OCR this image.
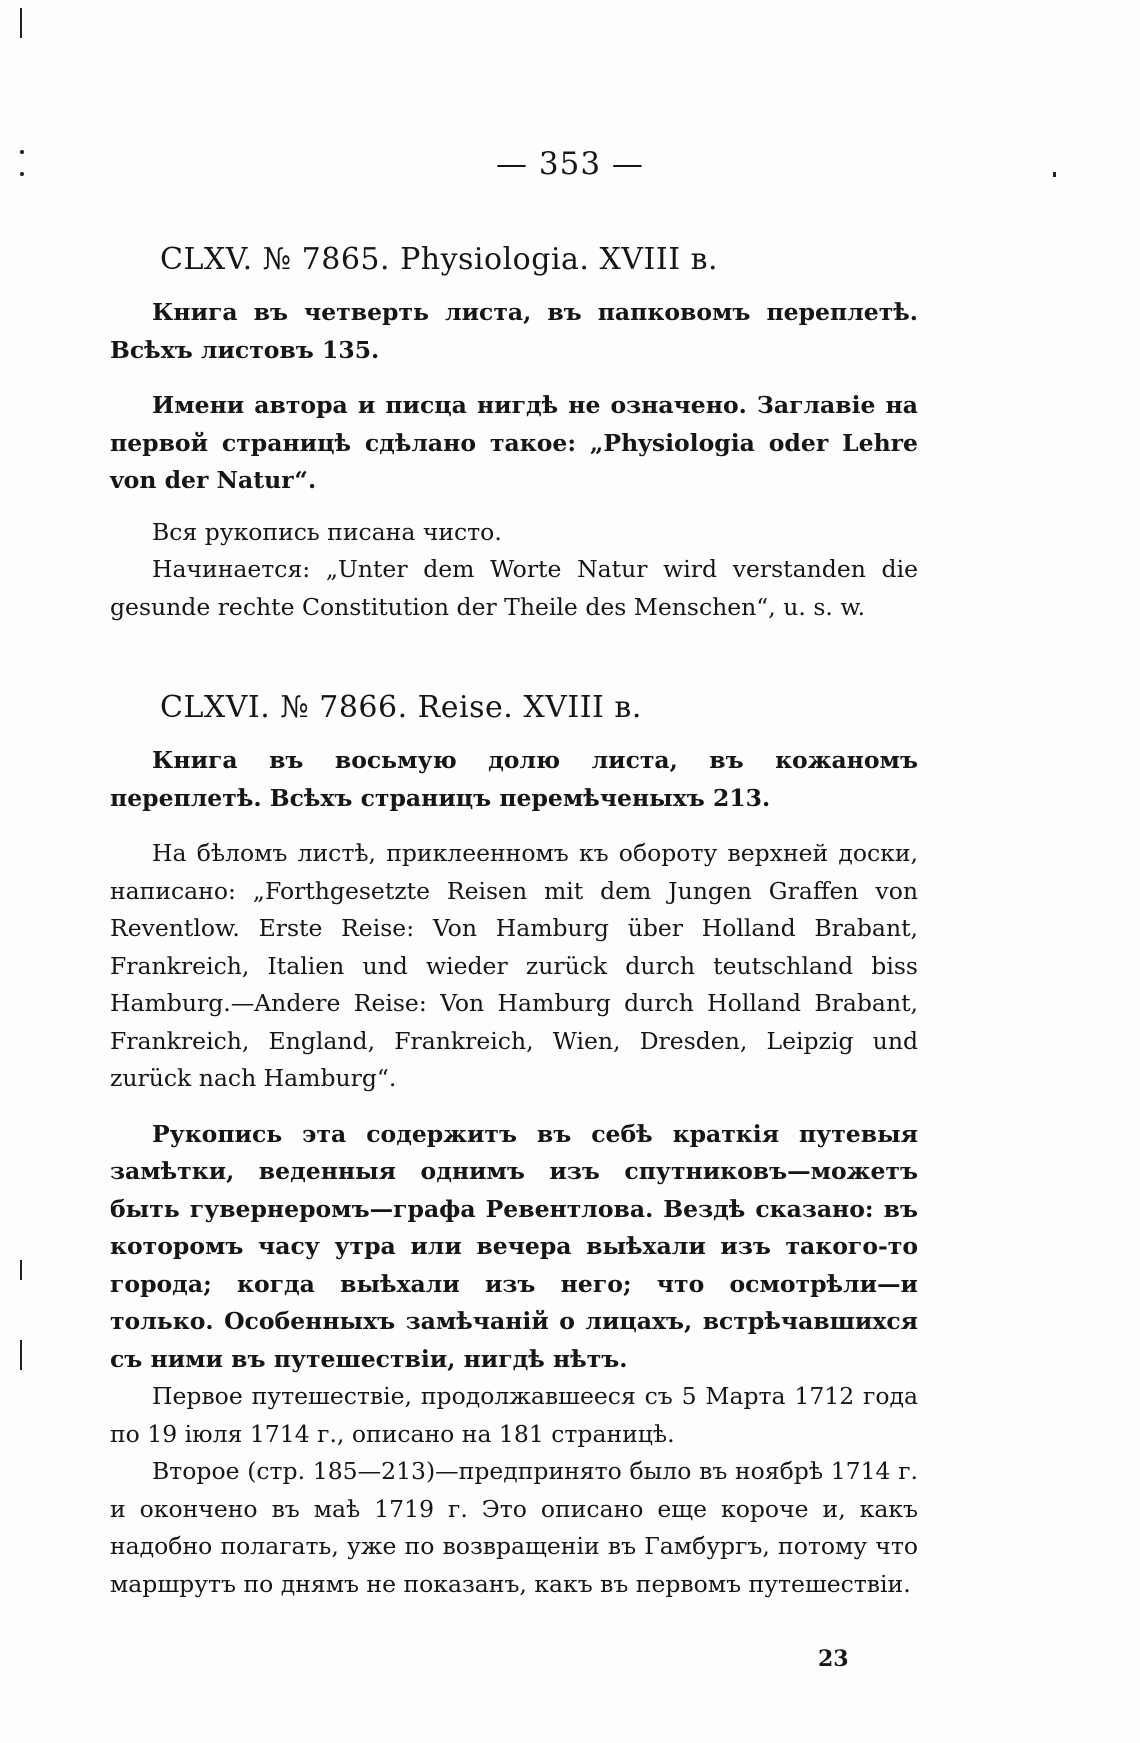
— 353 —
CLXV. № 7865. Physiologia. XVIII в.

Книга въ четверть листа, въ папковомъ переплетѣ. Всѣхъ листовъ 135.

Имени автора и писца нигдѣ не означено. Заглавіе на первой страницѣ сдѣлано такое: „Physiologia oder Lehre von der Natur“.

Вся рукопись писана чисто.

Начинается: „Unter dem Worte Natur wird verstanden die gesunde rechte Constitution der Theile des Menschen“, u. s. w.

CLXVI. № 7866. Reise. XVIII в.

Книга въ восьмую долю листа, въ кожаномъ переплетѣ. Всѣхъ страницъ перемѣченыхъ 213.

На бѣломъ листѣ, приклеенномъ къ обороту верхней доски, написано: „Forthgesetzte Reisen mit dem Jungen Graffen von Reventlow. Erste Reise: Von Hamburg über Holland Brabant, Frankreich, Italien und wieder zurück durch teutschland biss Hamburg.—Andere Reise: Von Hamburg durch Holland Brabant, Frankreich, England, Frankreich, Wien, Dresden, Leipzig und zurück nach Hamburg“.

Рукопись эта содержитъ въ себѣ краткія путевыя замѣтки, веденныя однимъ изъ спутниковъ—можетъ быть гувернеромъ—графа Ревентлова. Вездѣ сказано: въ которомъ часу утра или вечера выѣхали изъ такого-то города; когда выѣхали изъ него; что осмотрѣли—и только. Особенныхъ замѣчаній о лицахъ, встрѣчавшихся съ ними въ путешествіи, нигдѣ нѣтъ.

Первое путешествіе, продолжавшееся съ 5 Марта 1712 года по 19 іюля 1714 г., описано на 181 страницѣ.

Второе (стр. 185—213)—предпринято было въ ноябрѣ 1714 г. и окончено въ маѣ 1719 г. Это описано еще короче и, какъ надобно полагать, уже по возвращеніи въ Гамбургъ, потому что маршрутъ по днямъ не показанъ, какъ въ первомъ путешествіи.

23
